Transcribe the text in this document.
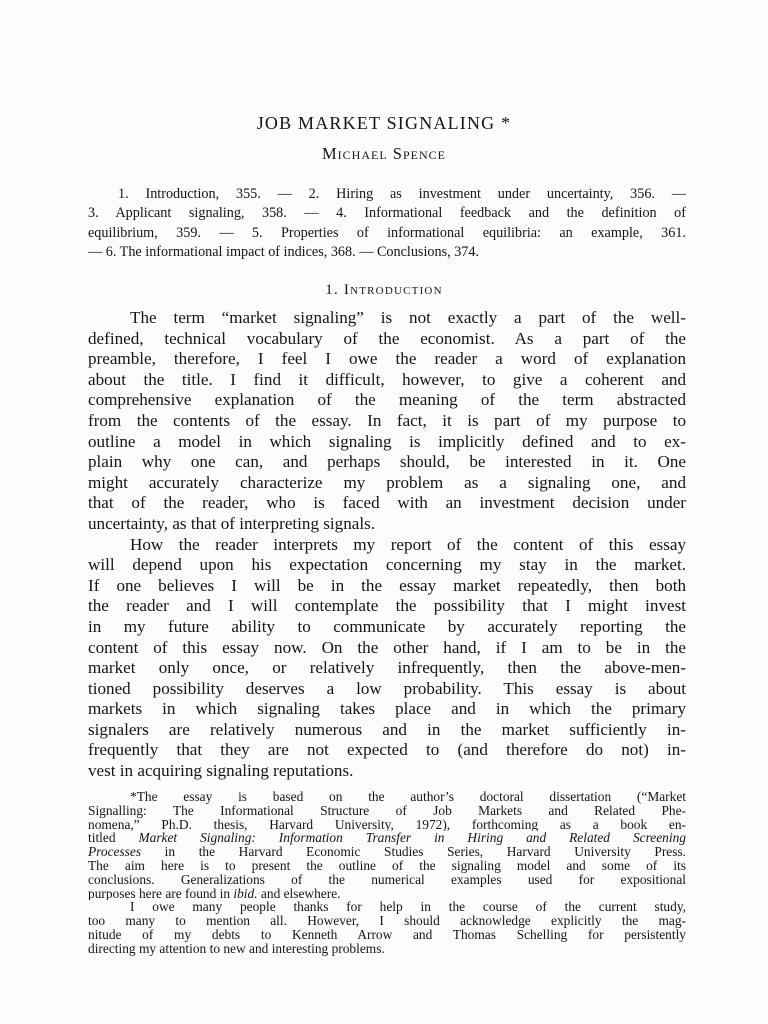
JOB MARKET SIGNALING *
Michael Spence
1. Introduction, 355. — 2. Hiring as investment under uncertainty, 356. —
3. Applicant signaling, 358. — 4. Informational feedback and the definition of
equilibrium, 359. — 5. Properties of informational equilibria: an example, 361.
— 6. The informational impact of indices, 368. — Conclusions, 374.
1. Introduction
The term “market signaling” is not exactly a part of the well-
defined, technical vocabulary of the economist. As a part of the
preamble, therefore, I feel I owe the reader a word of explanation
about the title. I find it difficult, however, to give a coherent and
comprehensive explanation of the meaning of the term abstracted
from the contents of the essay. In fact, it is part of my purpose to
outline a model in which signaling is implicitly defined and to ex-
plain why one can, and perhaps should, be interested in it. One
might accurately characterize my problem as a signaling one, and
that of the reader, who is faced with an investment decision under
uncertainty, as that of interpreting signals.
How the reader interprets my report of the content of this essay
will depend upon his expectation concerning my stay in the market.
If one believes I will be in the essay market repeatedly, then both
the reader and I will contemplate the possibility that I might invest
in my future ability to communicate by accurately reporting the
content of this essay now. On the other hand, if I am to be in the
market only once, or relatively infrequently, then the above-men-
tioned possibility deserves a low probability. This essay is about
markets in which signaling takes place and in which the primary
signalers are relatively numerous and in the market sufficiently in-
frequently that they are not expected to (and therefore do not) in-
vest in acquiring signaling reputations.
*The essay is based on the author’s doctoral dissertation (“Market
Signalling: The Informational Structure of Job Markets and Related Phe-
nomena,” Ph.D. thesis, Harvard University, 1972), forthcoming as a book en-
titled Market Signaling: Information Transfer in Hiring and Related Screening
Processes in the Harvard Economic Studies Series, Harvard University Press.
The aim here is to present the outline of the signaling model and some of its
conclusions. Generalizations of the numerical examples used for expositional
purposes here are found in ibid. and elsewhere.
I owe many people thanks for help in the course of the current study,
too many to mention all. However, I should acknowledge explicitly the mag-
nitude of my debts to Kenneth Arrow and Thomas Schelling for persistently
directing my attention to new and interesting problems.
